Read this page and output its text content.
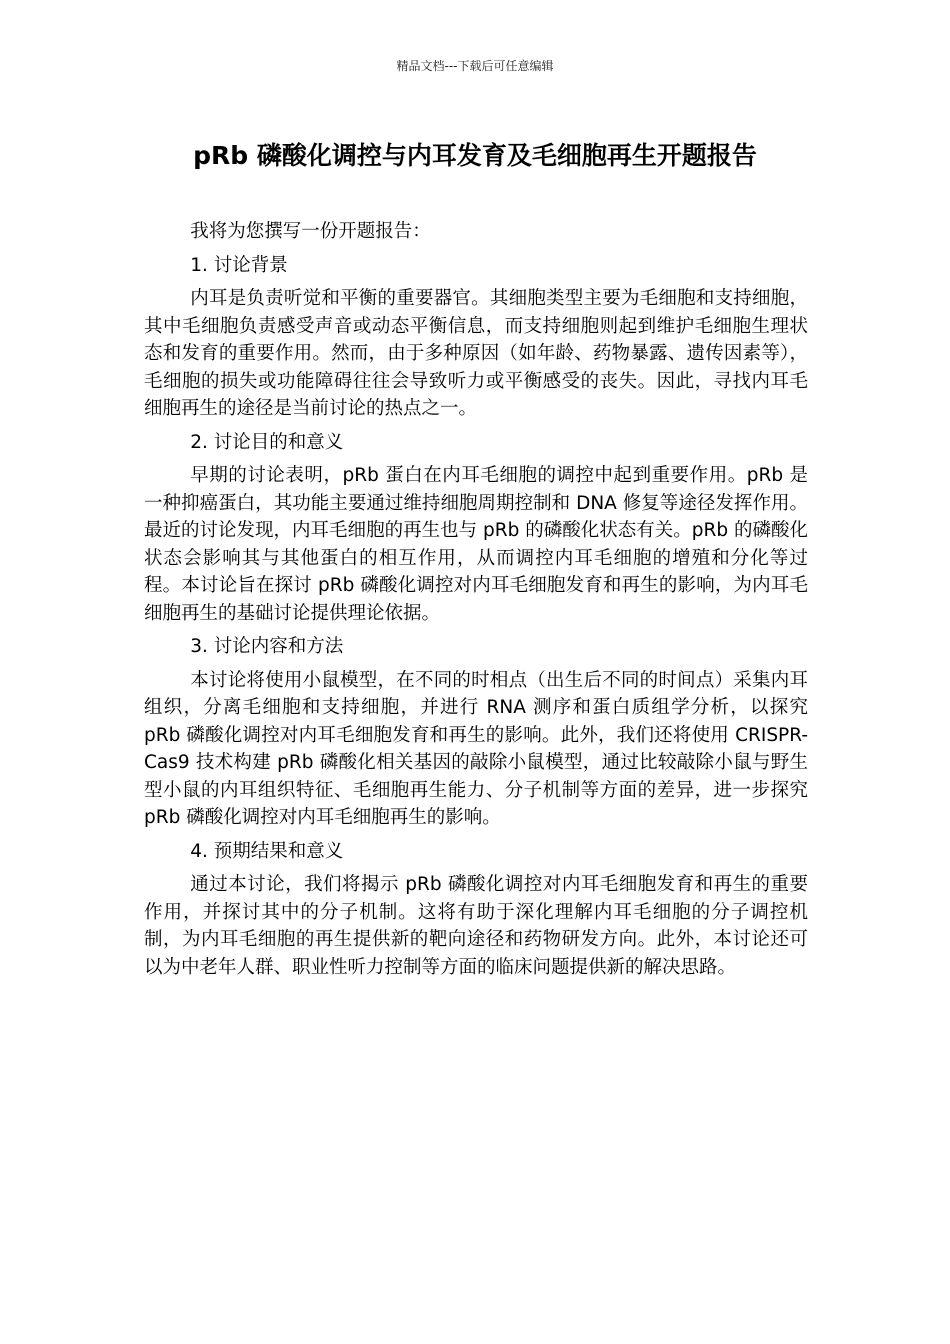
精品文档---下载后可任意编辑
pRb 磷酸化调控与内耳发育及毛细胞再生开题报告

我将为您撰写一份开题报告：

1. 讨论背景

内耳是负责听觉和平衡的重要器官。其细胞类型主要为毛细胞和支持细胞，其中毛细胞负责感受声音或动态平衡信息，而支持细胞则起到维护毛细胞生理状态和发育的重要作用。然而，由于多种原因（如年龄、药物暴露、遗传因素等），毛细胞的损失或功能障碍往往会导致听力或平衡感受的丧失。因此，寻找内耳毛细胞再生的途径是当前讨论的热点之一。

2. 讨论目的和意义

早期的讨论表明，pRb 蛋白在内耳毛细胞的调控中起到重要作用。pRb 是一种抑癌蛋白，其功能主要通过维持细胞周期控制和 DNA 修复等途径发挥作用。最近的讨论发现，内耳毛细胞的再生也与 pRb 的磷酸化状态有关。pRb 的磷酸化状态会影响其与其他蛋白的相互作用，从而调控内耳毛细胞的增殖和分化等过程。本讨论旨在探讨 pRb 磷酸化调控对内耳毛细胞发育和再生的影响，为内耳毛细胞再生的基础讨论提供理论依据。

3. 讨论内容和方法

本讨论将使用小鼠模型，在不同的时相点（出生后不同的时间点）采集内耳组织，分离毛细胞和支持细胞，并进行 RNA 测序和蛋白质组学分析，以探究 pRb 磷酸化调控对内耳毛细胞发育和再生的影响。此外，我们还将使用 CRISPR-Cas9 技术构建 pRb 磷酸化相关基因的敲除小鼠模型，通过比较敲除小鼠与野生型小鼠的内耳组织特征、毛细胞再生能力、分子机制等方面的差异，进一步探究 pRb 磷酸化调控对内耳毛细胞再生的影响。

4. 预期结果和意义

通过本讨论，我们将揭示 pRb 磷酸化调控对内耳毛细胞发育和再生的重要作用，并探讨其中的分子机制。这将有助于深化理解内耳毛细胞的分子调控机制，为内耳毛细胞的再生提供新的靶向途径和药物研发方向。此外，本讨论还可以为中老年人群、职业性听力控制等方面的临床问题提供新的解决思路。
